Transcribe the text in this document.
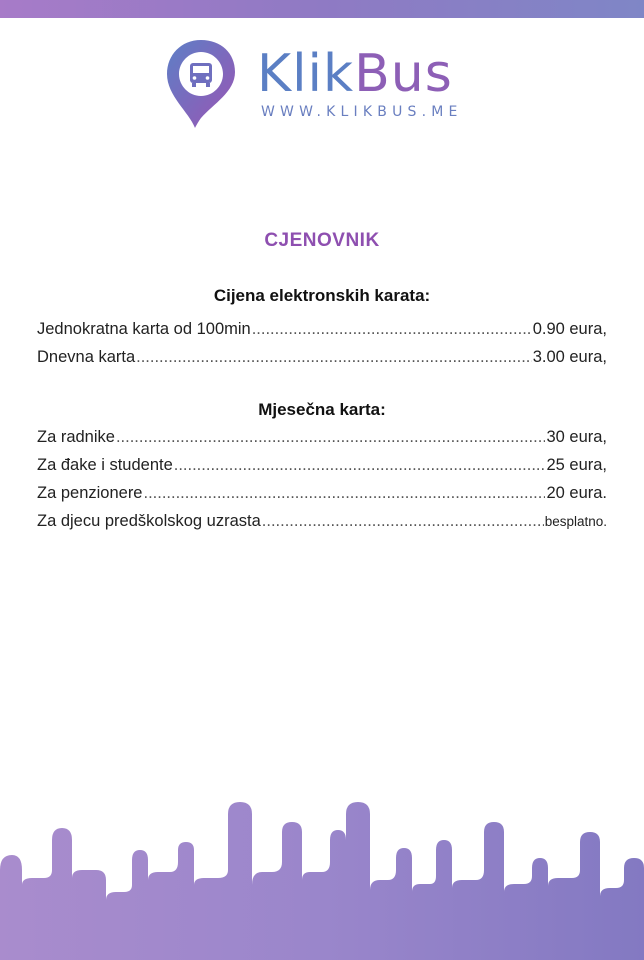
KlikBus
WWW.KLIKBUS.ME
CJENOVNIK
Cijena elektronskih karata:
Jednokratna karta od 100min .....	0.90 eura,
Dnevna karta .....	3.00 eura,
Mjesečna karta:
Za radnike .....	30 eura,
Za đake i studente .....	25 eura,
Za penzionere .....	20 eura.
Za djecu predškolskog uzrasta .....	besplatno.
